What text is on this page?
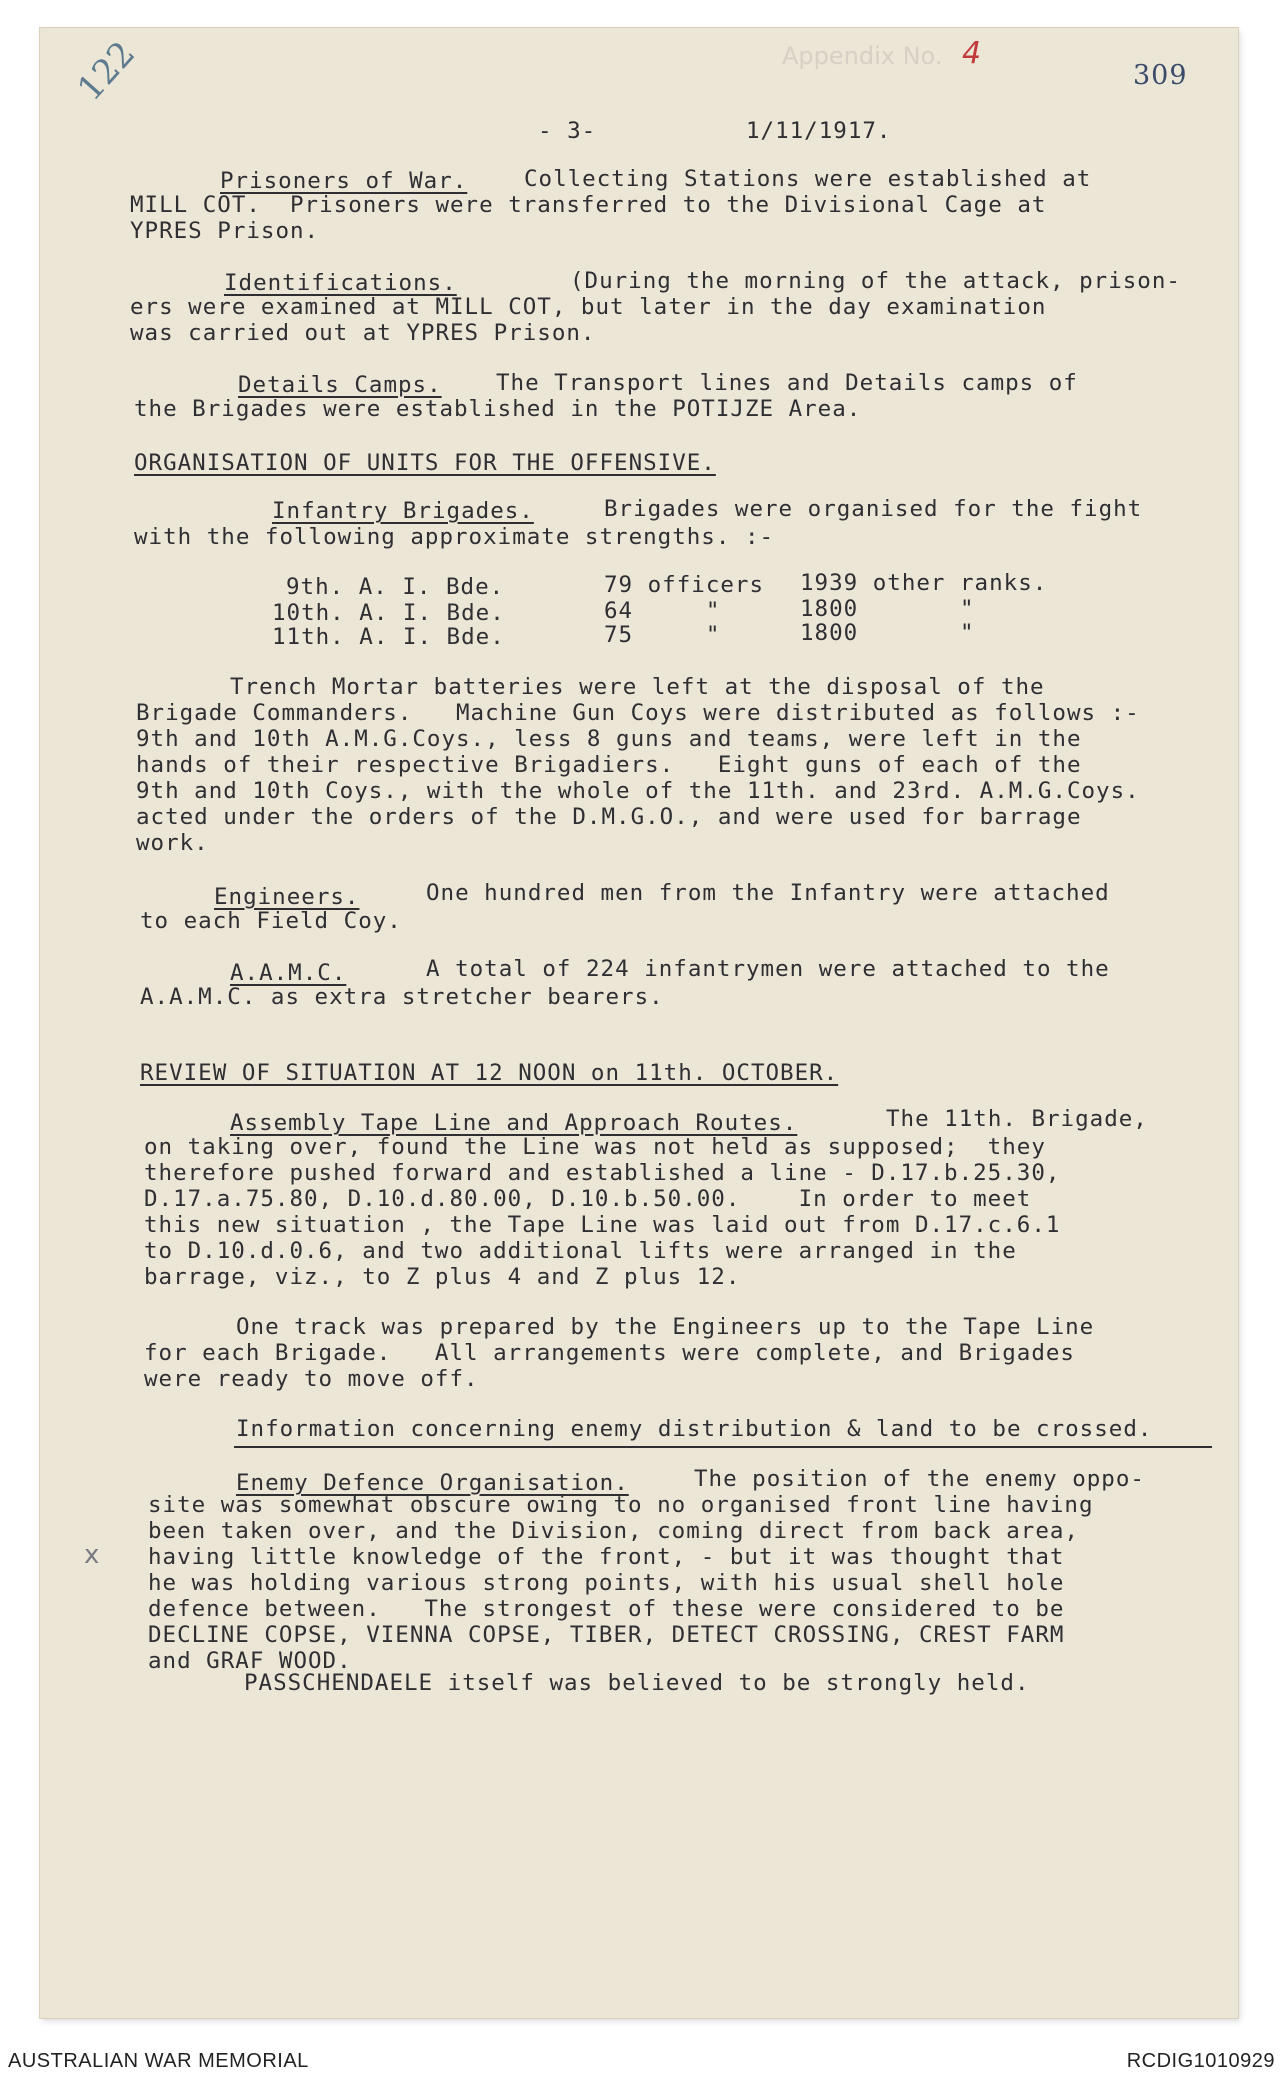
Appendix No. 4
309
122
x
- 3-	1/11/1917.
Prisoners of War.	Collecting Stations were established at
MILL COT.  Prisoners were transferred to the Divisional Cage at
YPRES Prison.
Identifications.	(During the morning of the attack, prison-
ers were examined at MILL COT, but later in the day examination
was carried out at YPRES Prison.
Details Camps. The Transport lines and Details camps of
the Brigades were established in the POTIJZE Area.
ORGANISATION OF UNITS FOR THE OFFENSIVE.
Infantry Brigades.	Brigades were organised for the fight
with the following approximate strengths. :-
9th. A. I. Bde.	79 officers 1939 other ranks.
10th. A. I. Bde.	64     "	1800       "
11th. A. I. Bde.	75     "	1800       "
Trench Mortar batteries were left at the disposal of the
Brigade Commanders.   Machine Gun Coys were distributed as follows :-
9th and 10th A.M.G.Coys., less 8 guns and teams, were left in the
hands of their respective Brigadiers.   Eight guns of each of the
9th and 10th Coys., with the whole of the 11th. and 23rd. A.M.G.Coys.
acted under the orders of the D.M.G.O., and were used for barrage
work.
Engineers.	One hundred men from the Infantry were attached
to each Field Coy.
A.A.M.C.	A total of 224 infantrymen were attached to the
A.A.M.C. as extra stretcher bearers.
REVIEW OF SITUATION AT 12 NOON on 11th. OCTOBER.
Assembly Tape Line and Approach Routes.	The 11th. Brigade,
on taking over, found the Line was not held as supposed;  they
therefore pushed forward and established a line - D.17.b.25.30,
D.17.a.75.80, D.10.d.80.00, D.10.b.50.00.    In order to meet
this new situation , the Tape Line was laid out from D.17.c.6.1
to D.10.d.0.6, and two additional lifts were arranged in the
barrage, viz., to Z plus 4 and Z plus 12.
One track was prepared by the Engineers up to the Tape Line
for each Brigade.   All arrangements were complete, and Brigades
were ready to move off.
Information concerning enemy distribution & land to be crossed.
Enemy Defence Organisation.	The position of the enemy oppo-
site was somewhat obscure owing to no organised front line having
been taken over, and the Division, coming direct from back area,
having little knowledge of the front, - but it was thought that
he was holding various strong points, with his usual shell hole
defence between.   The strongest of these were considered to be
DECLINE COPSE, VIENNA COPSE, TIBER, DETECT CROSSING, CREST FARM
and GRAF WOOD.
PASSCHENDAELE itself was believed to be strongly held.
AUSTRALIAN WAR MEMORIAL	RCDIG1010929
